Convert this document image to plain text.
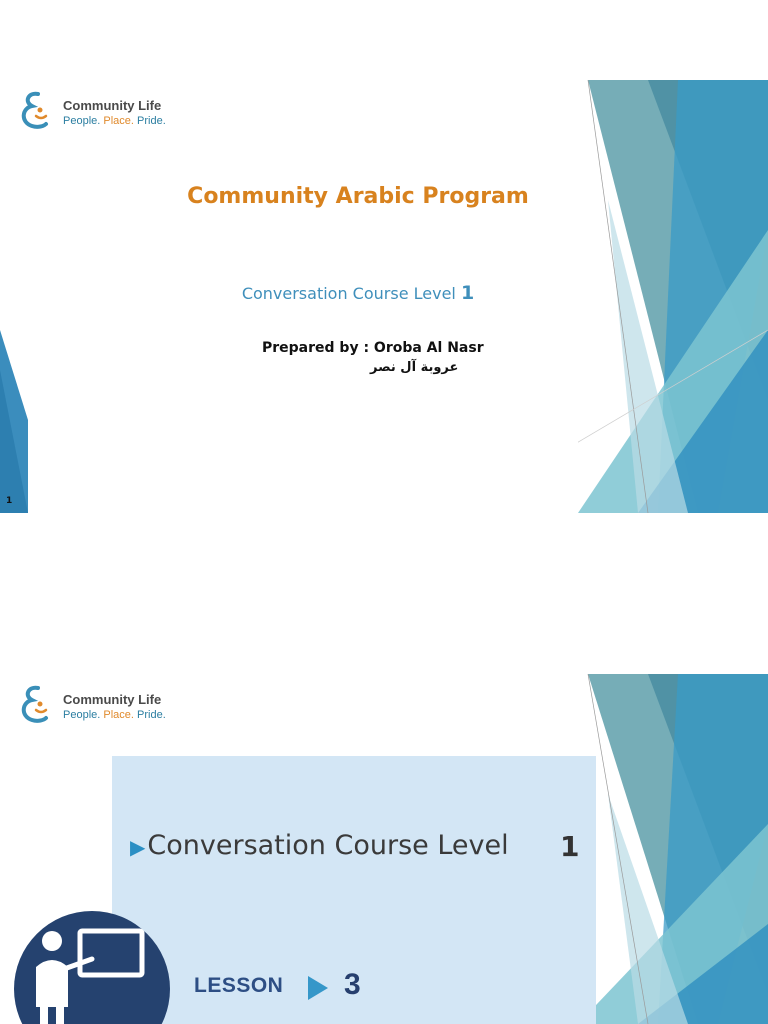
Community Life
People. Place. Pride.
Community Arabic Program
Conversation Course Level 1
Prepared by : Oroba Al Nasr
عروبة آل نصر
1
Community Life
People. Place. Pride.
▶Conversation Course Level 1
LESSON 3
